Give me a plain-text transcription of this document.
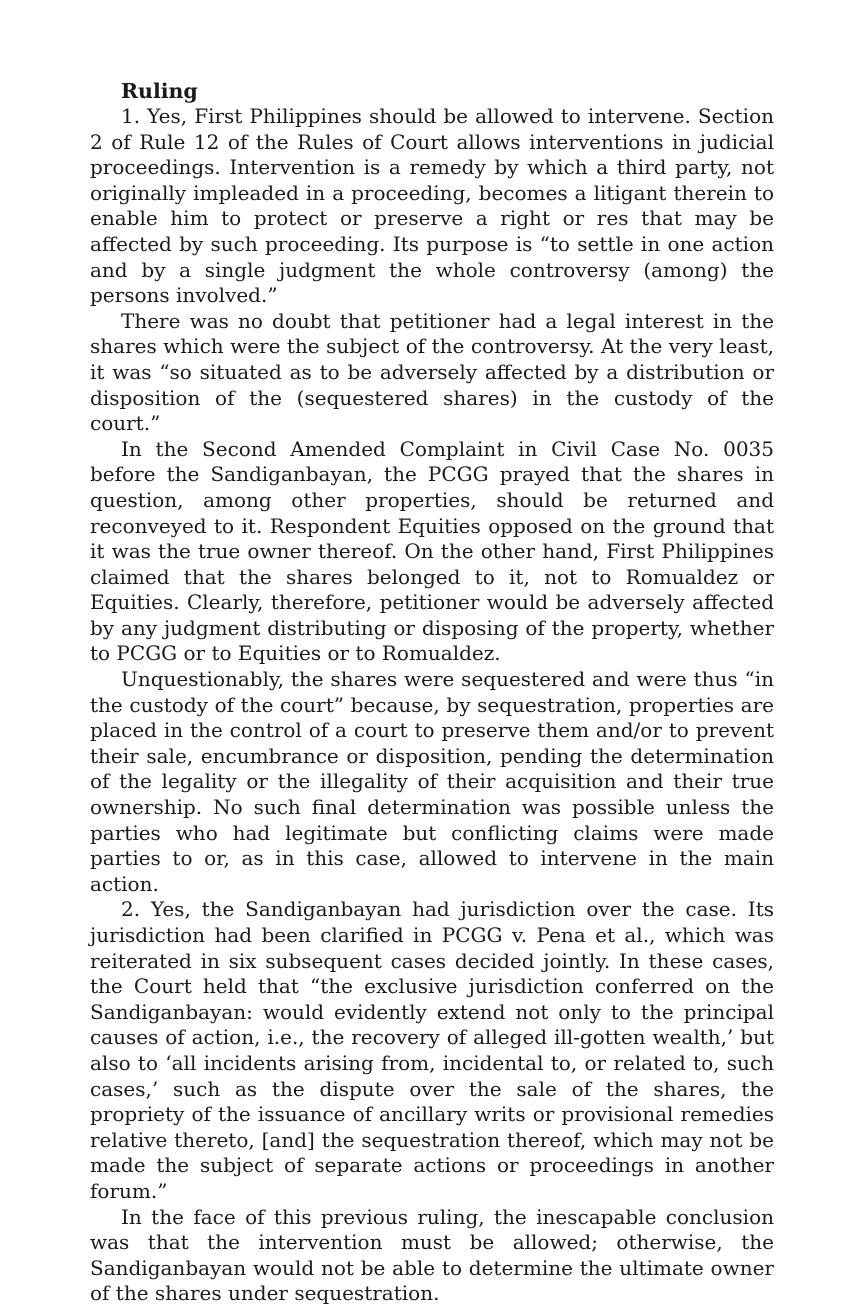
Ruling

1. Yes, First Philippines should be allowed to intervene. Section 2 of Rule 12 of the Rules of Court allows interventions in judicial proceedings. Intervention is a remedy by which a third party, not originally impleaded in a proceeding, becomes a litigant therein to enable him to protect or preserve a right or res that may be affected by such proceeding. Its purpose is “to settle in one action and by a single judgment the whole controversy (among) the persons involved.”

There was no doubt that petitioner had a legal interest in the shares which were the subject of the controversy. At the very least, it was “so situated as to be adversely affected by a distribution or disposition of the (sequestered shares) in the custody of the court.”

In the Second Amended Complaint in Civil Case No. 0035 before the Sandiganbayan, the PCGG prayed that the shares in question, among other properties, should be returned and reconveyed to it. Respondent Equities opposed on the ground that it was the true owner thereof. On the other hand, First Philippines claimed that the shares belonged to it, not to Romualdez or Equities. Clearly, therefore, petitioner would be adversely affected by any judgment distributing or disposing of the property, whether to PCGG or to Equities or to Romualdez.

Unquestionably, the shares were sequestered and were thus “in the custody of the court” because, by sequestration, properties are placed in the control of a court to preserve them and/or to prevent their sale, encumbrance or disposition, pending the determination of the legality or the illegality of their acquisition and their true ownership. No such final determination was possible unless the parties who had legitimate but conflicting claims were made parties to or, as in this case, allowed to intervene in the main action.

2. Yes, the Sandiganbayan had jurisdiction over the case. Its jurisdiction had been clarified in PCGG v. Pena et al., which was reiterated in six subsequent cases decided jointly. In these cases, the Court held that “the exclusive jurisdiction conferred on the Sandiganbayan: would evidently extend not only to the principal causes of action, i.e., the recovery of alleged ill-gotten wealth,’ but also to ‘all incidents arising from, incidental to, or related to, such cases,’ such as the dispute over the sale of the shares, the propriety of the issuance of ancillary writs or provisional remedies relative thereto, [and] the sequestration thereof, which may not be made the subject of separate actions or proceedings in another forum.”

In the face of this previous ruling, the inescapable conclusion was that the intervention must be allowed; otherwise, the Sandiganbayan would not be able to determine the ultimate owner of the shares under sequestration.
